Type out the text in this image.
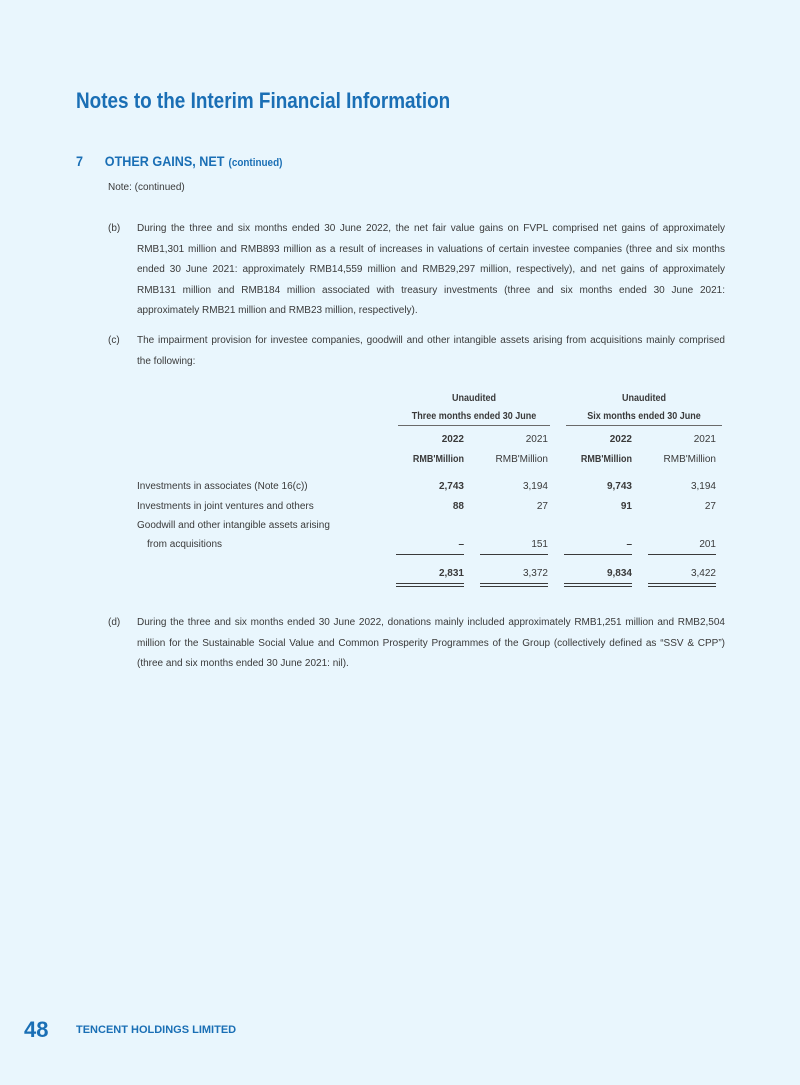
Notes to the Interim Financial Information
7 OTHER GAINS, NET (continued)
Note: (continued)
(b) During the three and six months ended 30 June 2022, the net fair value gains on FVPL comprised net gains of approximately RMB1,301 million and RMB893 million as a result of increases in valuations of certain investee companies (three and six months ended 30 June 2021: approximately RMB14,559 million and RMB29,297 million, respectively), and net gains of approximately RMB131 million and RMB184 million associated with treasury investments (three and six months ended 30 June 2021: approximately RMB21 million and RMB23 million, respectively).
(c) The impairment provision for investee companies, goodwill and other intangible assets arising from acquisitions mainly comprised the following:
Unaudited	Unaudited
Three months ended 30 June	Six months ended 30 June
2022	2021	2022	2021
RMB'Million	RMB'Million	RMB'Million	RMB'Million
Investments in associates (Note 16(c))	2,743	3,194	9,743	3,194
Investments in joint ventures and others	88	27	91	27
Goodwill and other intangible assets arising
from acquisitions	–	151	–	201
2,831	3,372	9,834	3,422
(d) During the three and six months ended 30 June 2022, donations mainly included approximately RMB1,251 million and RMB2,504 million for the Sustainable Social Value and Common Prosperity Programmes of the Group (collectively defined as “SSV & CPP”) (three and six months ended 30 June 2021: nil).
48	TENCENT HOLDINGS LIMITED
